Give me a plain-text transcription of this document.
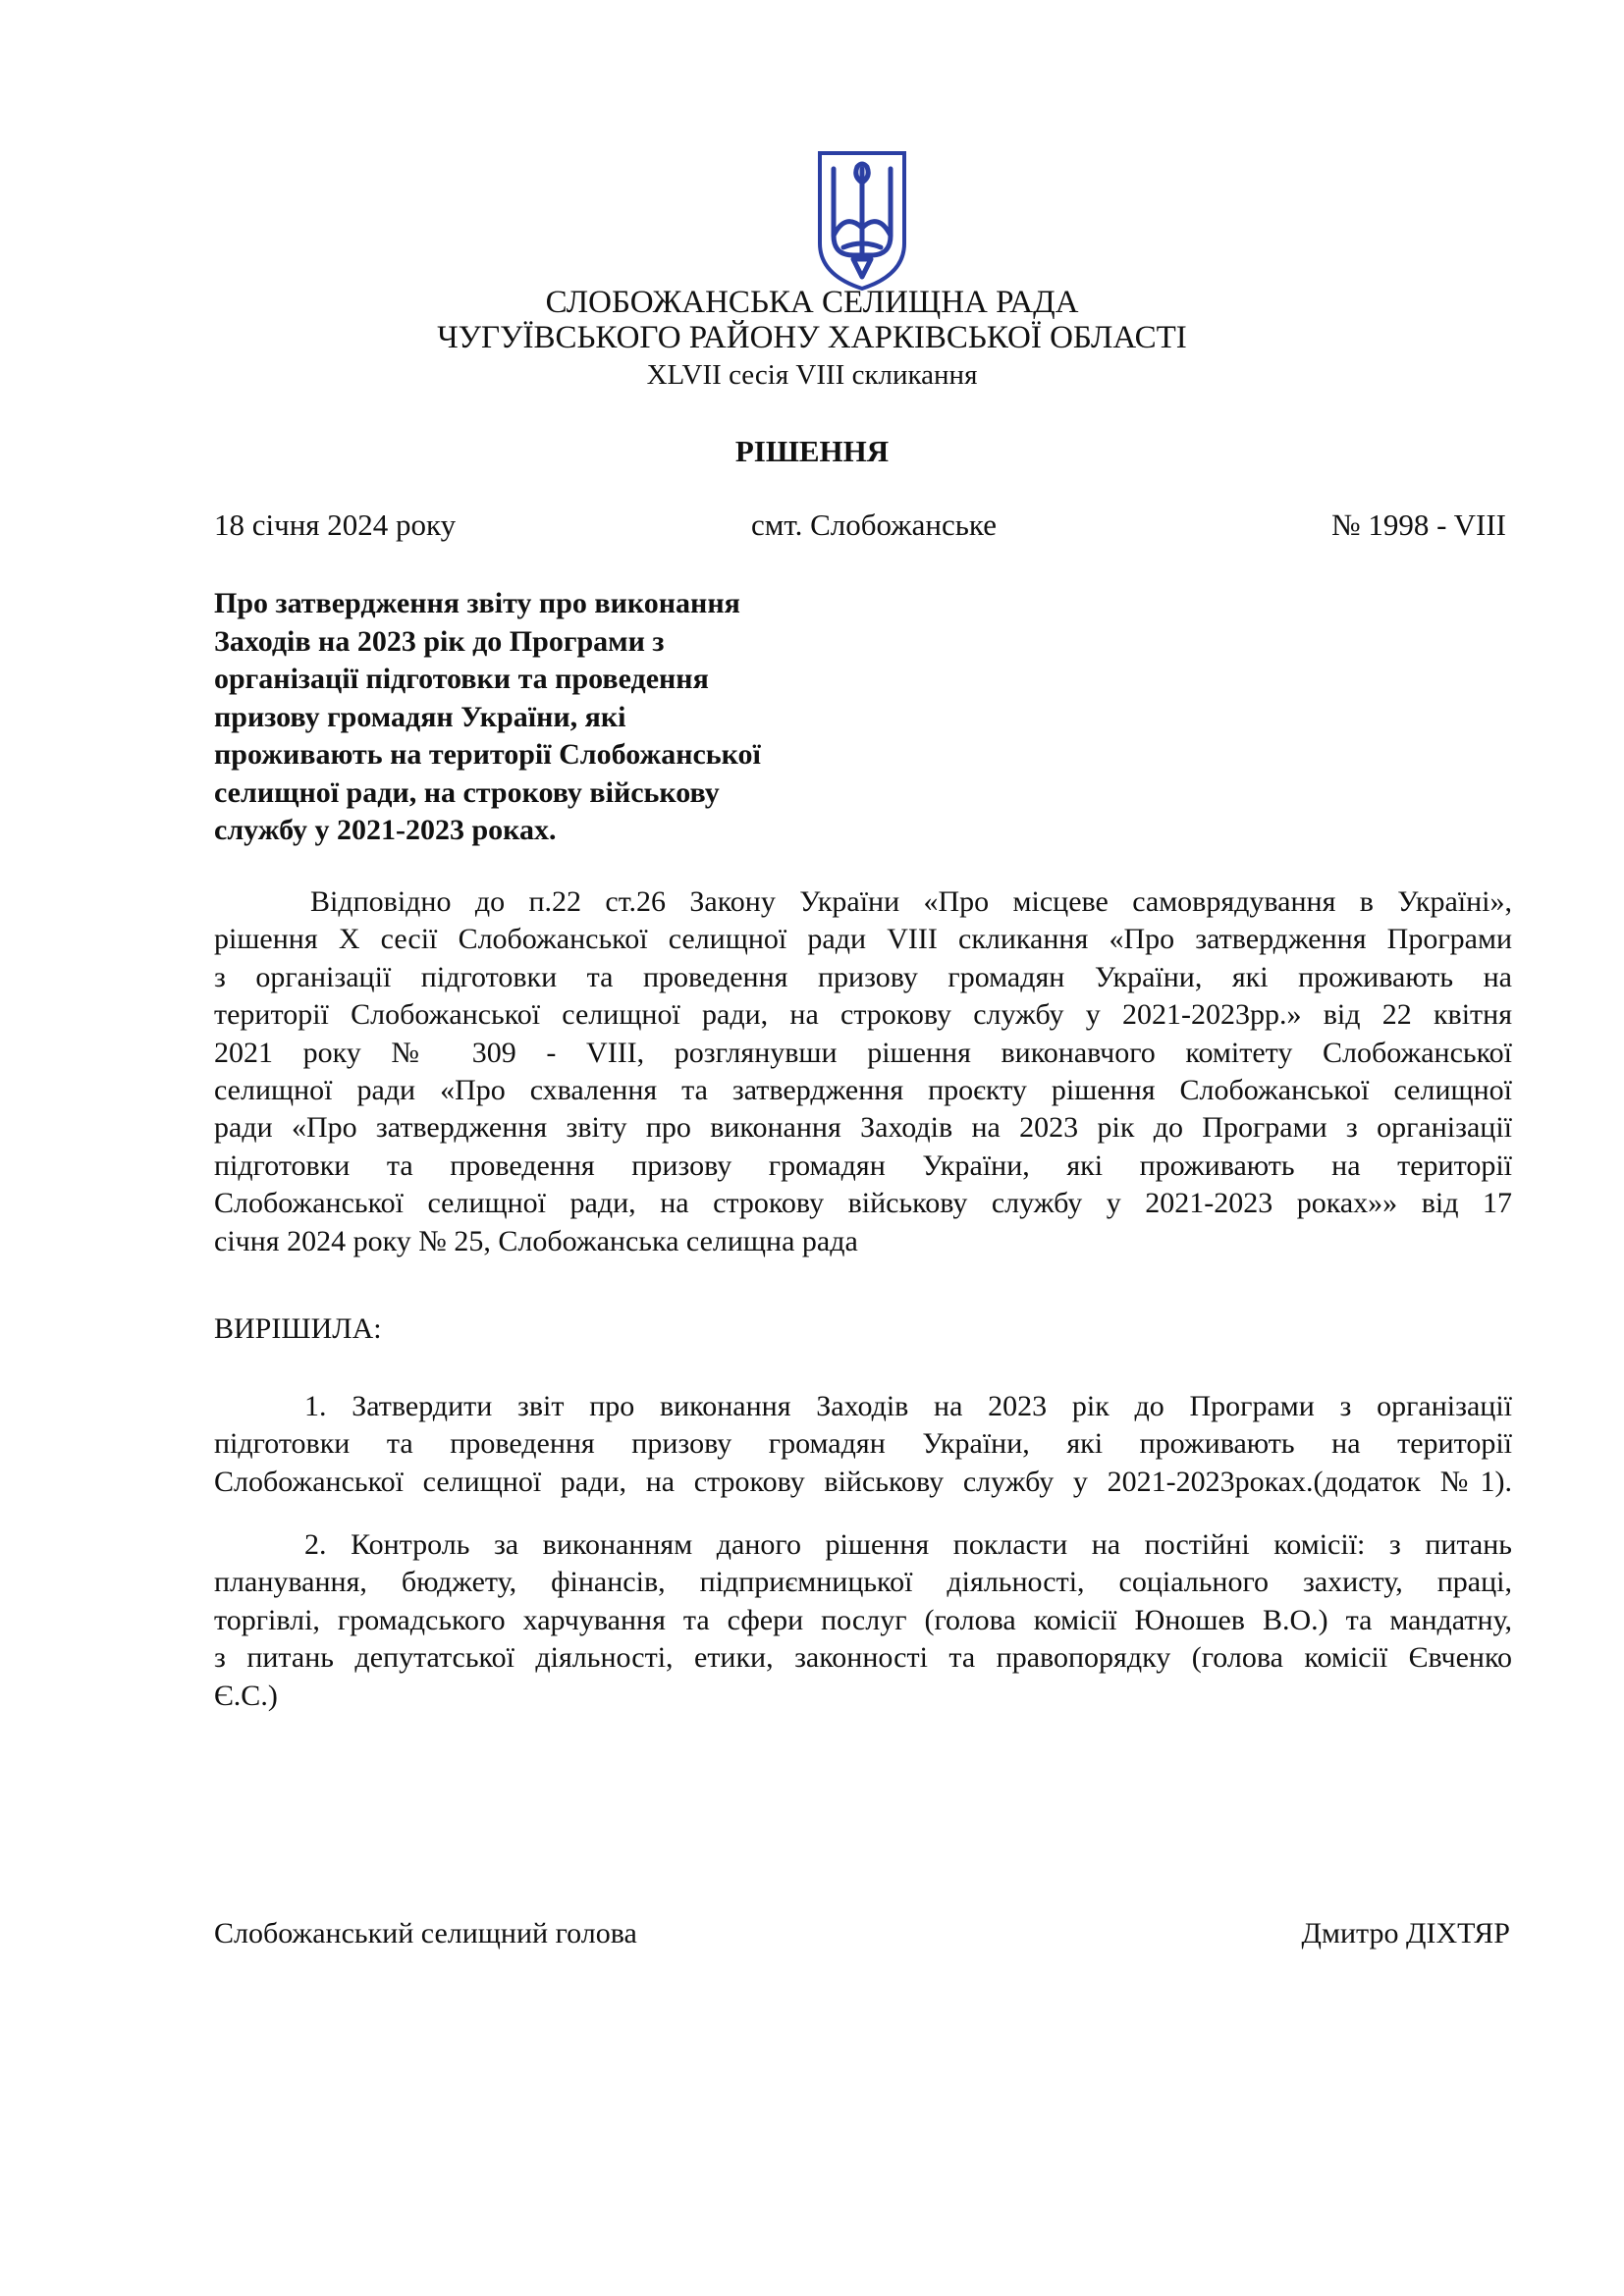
СЛОБОЖАНСЬКА СЕЛИЩНА РАДА
ЧУГУЇВСЬКОГО РАЙОНУ ХАРКІВСЬКОЇ ОБЛАСТІ
XLVII сесія VIII скликання
РІШЕННЯ
18 січня 2024 року	смт. Слобожанське	№ 1998 - VIII
Про затвердження звіту про виконання
Заходів на 2023 рік до Програми з
організації підготовки та проведення
призову громадян України, які
проживають на території Слобожанської
селищної ради, на строкову військову
службу у 2021-2023 роках.
Відповідно до п.22 ст.26 Закону України «Про місцеве самоврядування в Україні»,
рішення Х сесії Слобожанської селищної ради VIII скликання «Про затвердження Програми
з організації підготовки та проведення призову громадян України, які проживають на
території Слобожанської селищної ради, на строкову службу у 2021-2023рр.» від 22 квітня
2021 року № 309 - VIII, розглянувши рішення виконавчого комітету Слобожанської
селищної ради «Про схвалення та затвердження проєкту рішення Слобожанської селищної
ради «Про затвердження звіту про виконання Заходів на 2023 рік до Програми з організації
підготовки та проведення призову громадян України, які проживають на території
Слобожанської селищної ради, на строкову військову службу у 2021-2023 роках»» від 17
січня 2024 року № 25, Слобожанська селищна рада
ВИРІШИЛА:
1. Затвердити звіт про виконання Заходів на 2023 рік до Програми з організації
підготовки та проведення призову громадян України, які проживають на території
Слобожанської селищної ради, на строкову військову службу у 2021-2023роках.(додаток №1).
2. Контроль за виконанням даного рішення покласти на постійні комісії: з питань
планування, бюджету, фінансів, підприємницької діяльності, соціального захисту, праці,
торгівлі, громадського харчування та сфери послуг (голова комісії Юношев В.О.) та мандатну,
з питань депутатської діяльності, етики, законності та правопорядку (голова комісії Євченко
Є.С.)
Слобожанський селищний голова	Дмитро ДІХТЯР
